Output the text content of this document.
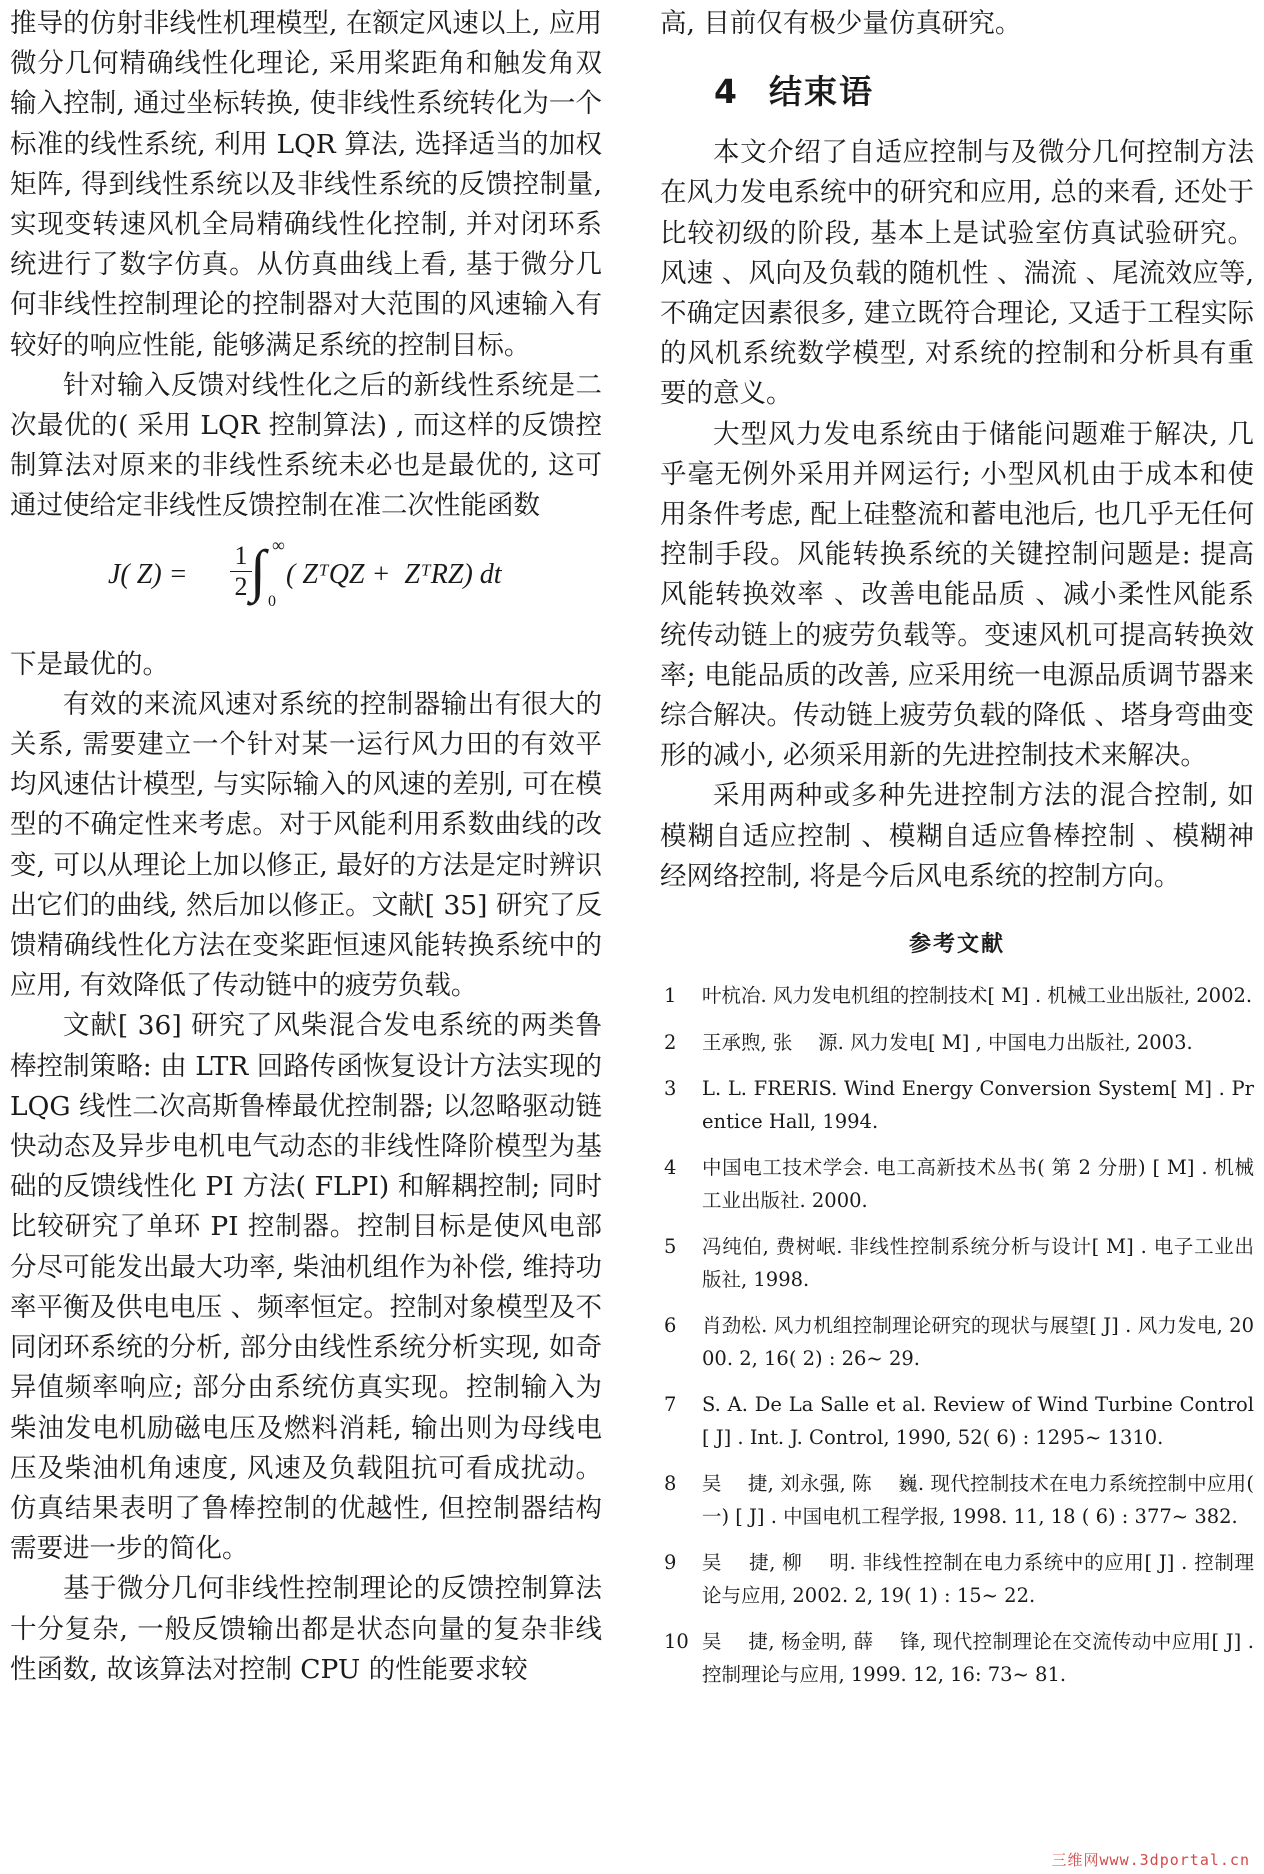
推导的仿射非线性机理模型, 在额定风速以上, 应用微分几何精确线性化理论, 采用桨距角和触发角双输入控制, 通过坐标转换, 使非线性系统转化为一个标准的线性系统, 利用 LQR 算法, 选择适当的加权矩阵, 得到线性系统以及非线性系统的反馈控制量, 实现变转速风机全局精确线性化控制, 并对闭环系统进行了数字仿真。从仿真曲线上看, 基于微分几何非线性控制理论的控制器对大范围的风速输入有较好的响应性能, 能够满足系统的控制目标。

针对输入反馈对线性化之后的新线性系统是二次最优的( 采用 LQR 控制算法) , 而这样的反馈控制算法对原来的非线性系统未必也是最优的, 这可通过使给定非线性反馈控制在准二次性能函数

J( $Z) = \frac{1}{2}$
∫ ∞
0
( ZᵀQZ +  ZᵀRZ) dt

下是最优的。

有效的来流风速对系统的控制器输出有很大的关系, 需要建立一个针对某一运行风力田的有效平均风速估计模型, 与实际输入的风速的差别, 可在模型的不确定性来考虑。对于风能利用系数曲线的改变, 可以从理论上加以修正, 最好的方法是定时辨识出它们的曲线, 然后加以修正。文献[ 35] 研究了反馈精确线性化方法在变桨距恒速风能转换系统中的应用, 有效降低了传动链中的疲劳负载。

文献[ 36] 研究了风柴混合发电系统的两类鲁棒控制策略: 由 LTR 回路传函恢复设计方法实现的 LQG 线性二次高斯鲁棒最优控制器; 以忽略驱动链快动态及异步电机电气动态的非线性降阶模型为基础的反馈线性化 PI 方法( FLPI) 和解耦控制; 同时比较研究了单环 PI 控制器。控制目标是使风电部分尽可能发出最大功率, 柴油机组作为补偿, 维持功率平衡及供电电压 、频率恒定。控制对象模型及不同闭环系统的分析, 部分由线性系统分析实现, 如奇异值频率响应; 部分由系统仿真实现。控制输入为柴油发电机励磁电压及燃料消耗, 输出则为母线电压及柴油机角速度, 风速及负载阻抗可看成扰动。仿真结果表明了鲁棒控制的优越性, 但控制器结构需要进一步的简化。

基于微分几何非线性控制理论的反馈控制算法十分复杂, 一般反馈输出都是状态向量的复杂非线性函数, 故该算法对控制 CPU 的性能要求较

高, 目前仅有极少量仿真研究。

4 结束语

本文介绍了自适应控制与及微分几何控制方法在风力发电系统中的研究和应用, 总的来看, 还处于比较初级的阶段, 基本上是试验室仿真试验研究。风速 、风向及负载的随机性 、湍流 、尾流效应等, 不确定因素很多, 建立既符合理论, 又适于工程实际的风机系统数学模型, 对系统的控制和分析具有重要的意义。

大型风力发电系统由于储能问题难于解决, 几乎毫无例外采用并网运行; 小型风机由于成本和使用条件考虑, 配上硅整流和蓄电池后, 也几乎无任何控制手段。风能转换系统的关键控制问题是: 提高风能转换效率 、改善电能品质 、减小柔性风能系统传动链上的疲劳负载等。变速风机可提高转换效率; 电能品质的改善, 应采用统一电源品质调节器来综合解决。传动链上疲劳负载的降低 、塔身弯曲变形的减小, 必须采用新的先进控制技术来解决。

采用两种或多种先进控制方法的混合控制, 如模糊自适应控制 、模糊自适应鲁棒控制 、模糊神经网络控制, 将是今后风电系统的控制方向。

参考文献
1	叶杭冶. 风力发电机组的控制技术[ M] . 机械工业出版社, 2002.
2	王承煦, 张　 源. 风力发电[ M] , 中国电力出版社, 2003.
3	L. L. FRERIS. Wind Energy Conversion System[ M] . Prentice Hall, 1994.
4	中国电工技术学会. 电工高新技术丛书( 第 2 分册) [ M] . 机械工业出版社. 2000.
5	冯纯伯, 费树岷. 非线性控制系统分析与设计[ M] . 电子工业出版社, 1998.
6	肖劲松. 风力机组控制理论研究的现状与展望[ J] . 风力发电, 2000. 2, 16( 2) : 26~ 29.
7	S. A. De La Salle et al. Review of Wind Turbine Control [ J] . Int. J. Control, 1990, 52( 6) : 1295~ 1310.
8	吴　 捷, 刘永强, 陈　 巍. 现代控制技术在电力系统控制中应用( 一) [ J] . 中国电机工程学报, 1998. 11, 18 ( 6) : 377~ 382.
9	吴　 捷, 柳　 明. 非线性控制在电力系统中的应用[ J] . 控制理论与应用, 2002. 2, 19( 1) : 15~ 22.
10 吴　 捷, 杨金明, 薛　 锋, 现代控制理论在交流传动中应用[ J] . 控制理论与应用, 1999. 12, 16: 73~ 81.
三维网www.3dportal.cn
